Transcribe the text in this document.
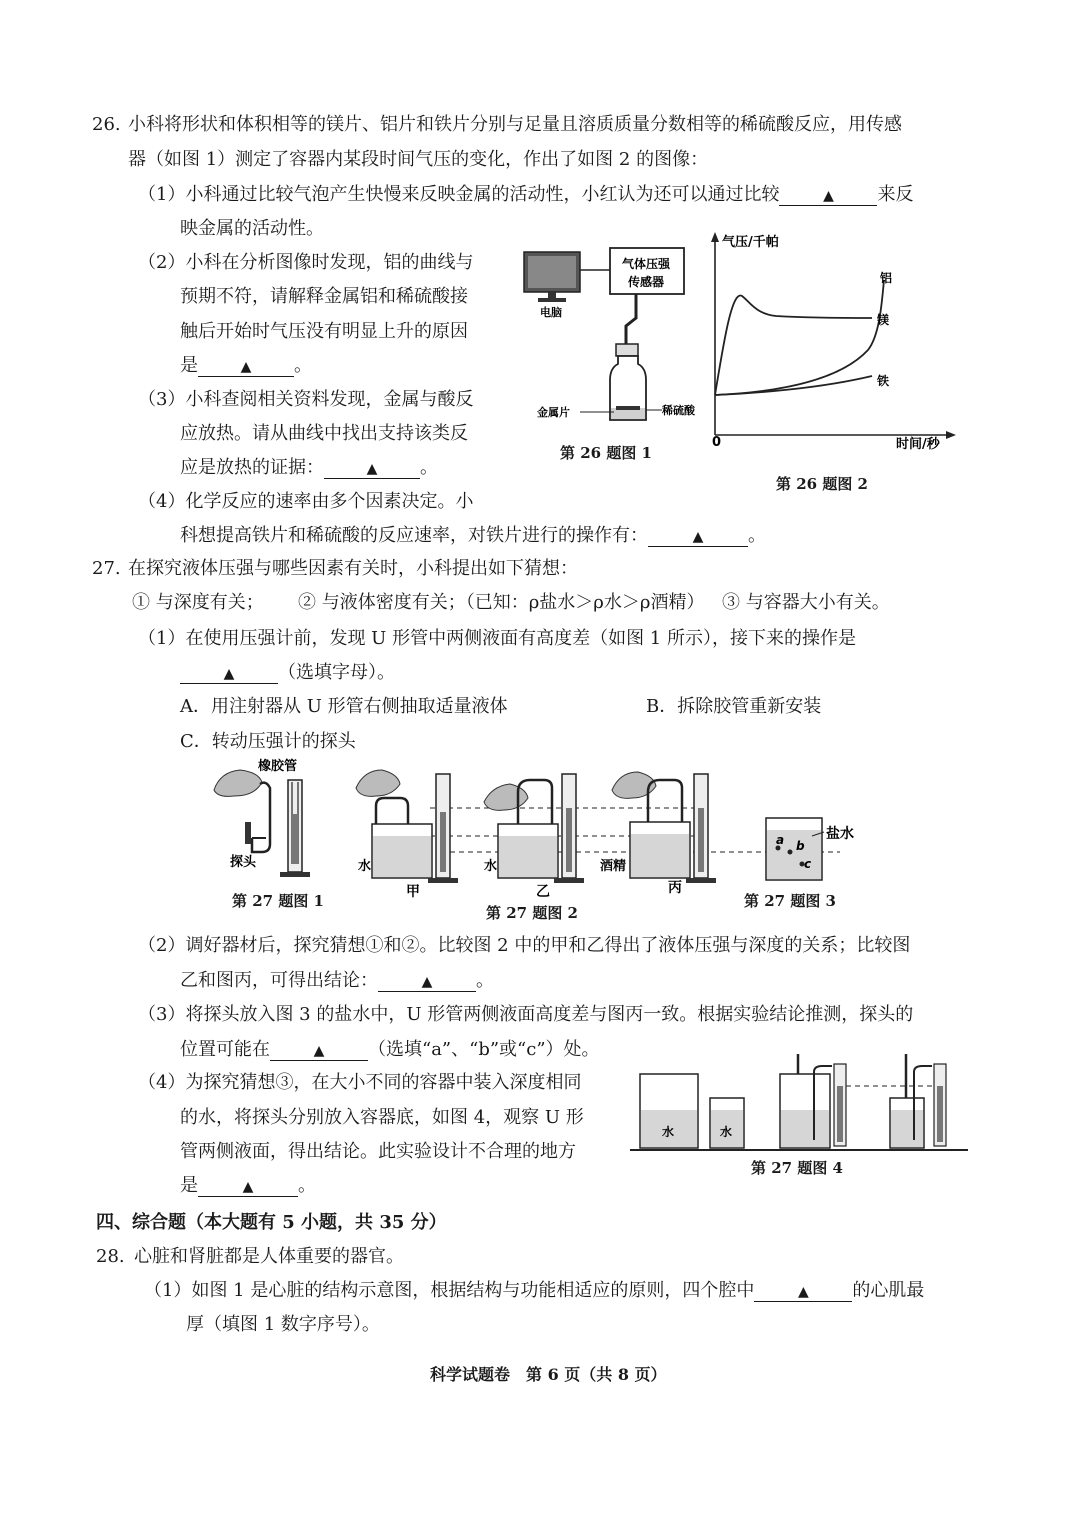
26. 小科将形状和体积相等的镁片、铝片和铁片分别与足量且溶质质量分数相等的稀硫酸反应，用传感
器（如图 1）测定了容器内某段时间气压的变化，作出了如图 2 的图像：
（1）小科通过比较气泡产生快慢来反映金属的活动性，小红认为还可以通过比较	▲ 来反
映金属的活动性。
（2）小科在分析图像时发现，铝的曲线与
预期不符，请解释金属铝和稀硫酸接
触后开始时气压没有明显上升的原因
是	▲ 。
（3）小科查阅相关资料发现，金属与酸反
应放热。请从曲线中找出支持该类反
应是放热的证据：	▲ 。
（4）化学反应的速率由多个因素决定。小
科想提高铁片和稀硫酸的反应速率，对铁片进行的操作有：	▲ 。
电脑
气体压强
传感器
金属片	稀硫酸
第 26 题图 1
气压/千帕
时间/秒
0
铝
镁
铁
第 26 题图 2
27. 在探究液体压强与哪些因素有关时，小科提出如下猜想：
① 与深度有关； ② 与液体密度有关；（已知：ρ盐水＞ρ水＞ρ酒精） ③ 与容器大小有关。
（1）在使用压强计前，发现 U 形管中两侧液面有高度差（如图 1 所示），接下来的操作是
▲ （选填字母）。
A．用注射器从 U 形管右侧抽取适量液体	B．拆除胶管重新安装
C．转动压强计的探头
橡胶管
探头	水
甲
水
乙
酒精
丙
a b
c
盐水
第 27 题图 1
第 27 题图 2
第 27 题图 3
（2）调好器材后，探究猜想①和②。比较图 2 中的甲和乙得出了液体压强与深度的关系；比较图
乙和图丙，可得出结论：	▲ 。
（3）将探头放入图 3 的盐水中，U 形管两侧液面高度差与图丙一致。根据实验结论推测，探头的
位置可能在	▲ （选填“a”、“b”或“c”）处。
（4）为探究猜想③，在大小不同的容器中装入深度相同
的水，将探头分别放入容器底，如图 4，观察 U 形
管两侧液面，得出结论。此实验设计不合理的地方
是	▲ 。
水	水
第 27 题图 4
四、综合题（本大题有 5 小题，共 35 分）
28. 心脏和肾脏都是人体重要的器官。
（1）如图 1 是心脏的结构示意图，根据结构与功能相适应的原则，四个腔中	▲ 的心肌最
厚（填图 1 数字序号）。
科学试题卷　第 6 页（共 8 页）
